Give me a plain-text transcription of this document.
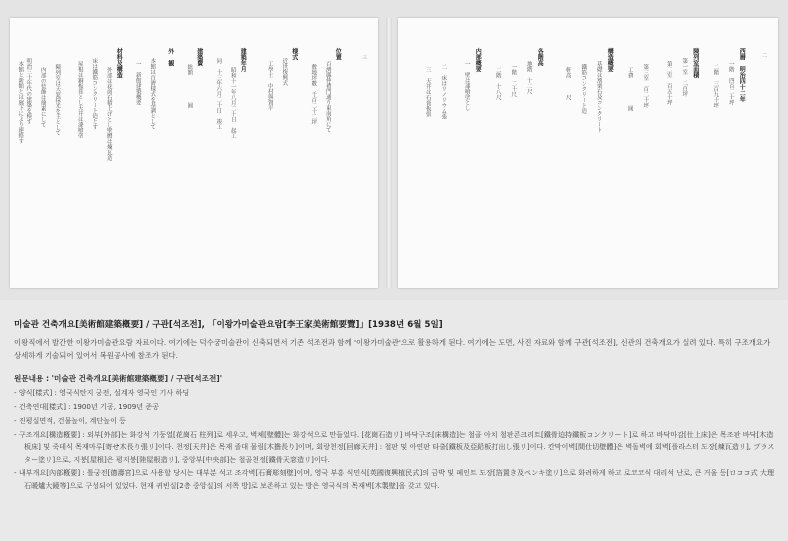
三
位置
百濟縣仲禮門通り東南角にて
敷地坪數　千百二十二坪
様式
近世復興式
工學士　中村與資平
建築年月
昭和十一年八月二十日　起工
同　十三年六月二十日　竣工
建築費
総額　　　　　圓
外　観
本館は百濟樣式を基調として
一　新館建築概要
材料及構造
外部は花崗石積上げとし壁體は煉瓦造
床は鐵筋コンクリート造とす
屋根は銅板葺とし天井は漆喰塗
陳列室は天窓採光を主として
内部の装飾は簡素にして
明治三十年代の建築を模す
本館と新館とは廊下により連絡す
二
西暦　明治四十二年
一階　四百二十坪
二階　三百九十坪
陳列室面積
第一室　二百坪
第二室　百五十坪
第三室　百二十坪
工費　　　　　圓
構造概要
基礎は割栗石及コンクリート
鐵筋コンクリート造
軒高　　　尺
各階高
地階　十二尺
一階　二十尺
二階　十八尺
内部概要
一　壁は漆喰塗とし
二　床はリノリウム張
三　天井は石膏板張

미술관 건축개요[美術館建築槪要] / 구관[석조전], 「이왕가미술관요람[李王家美術館要覽]」[1938년 6월 5일]

이왕직에서 발간한 이왕가미술관요람 자료이다. 여기에는 덕수궁미술관이 신축되면서 기존 석조전과 함께 '이왕가미술관'으로 활용하게 된다. 여기에는 도면, 사진 자료와 함께 구관[석조전], 신관의 건축개요가 실려 있다. 특히 구조개요가 상세하게 기술되어 있어서 복원공사에 참조가 된다.

원문내용 : '미술관 건축개요[美術館建築槪要] / 구관[석조전]'

- 양식[樣式] : 영국식탄지 궁전, 설계자 영국인 기사 하딩
- 건축연대[樣式] : 1900년 기공, 1909년 준공
- 진평실면적, 건물높이, 계단높이 등
- 구조개요[構造槪要] : 외부[外部]는 화강석 기둥열[花崗石 柱列]로 세우고, 벽체[壁體]는 화강석으로 만들었다. [花崗石造リ] 바닥구조[床構造]는 철골 아치 철판콘크리트[鐵骨迫持鐵板コンクリート]로 하고 바닥마감[仕上床]은 목조판 바닥[木造板床] 및 죽데식 목재마루[寄せ木長り張リ]이다. 천정[天井]은 목재 졸대 물림[木擔長り]이며, 회랑천정[回廊天井] : 철판 및 아연판 타출[鐵板及亞鉛板打出し張リ]이다. 칸막이벽[間仕切壁體]은 벽돌벽에 회벽[플라스터 도장[煉瓦造リ], プラスター塗リ]으로, 지붕[屋根]은 평지붕[陸屋根造リ], 중앙부[中央部]는 철골천정[鐵骨天窓造リ]이다.
- 내부개요[內部槪要] : 틀궁전[德壽宮]으로 사용할 당시는 대부분 석고 조각벽[石膏彫刻壁]이며, 영국 부흥 식민식[英國復興植民式]의 금박 및 페인트 도장[箔置き及ペンキ塗リ]으로 화려하게 하고 로코코식 대리석 난로, 큰 거울 등[ロココ式 大理石暖爐大鏡等]으로 구성되어 있었다. 현재 귀빈실[2층 중앙실]의 서쪽 방]로 보존하고 있는 방은 영국식의 목재벽[木製壁]을 갖고 있다.
